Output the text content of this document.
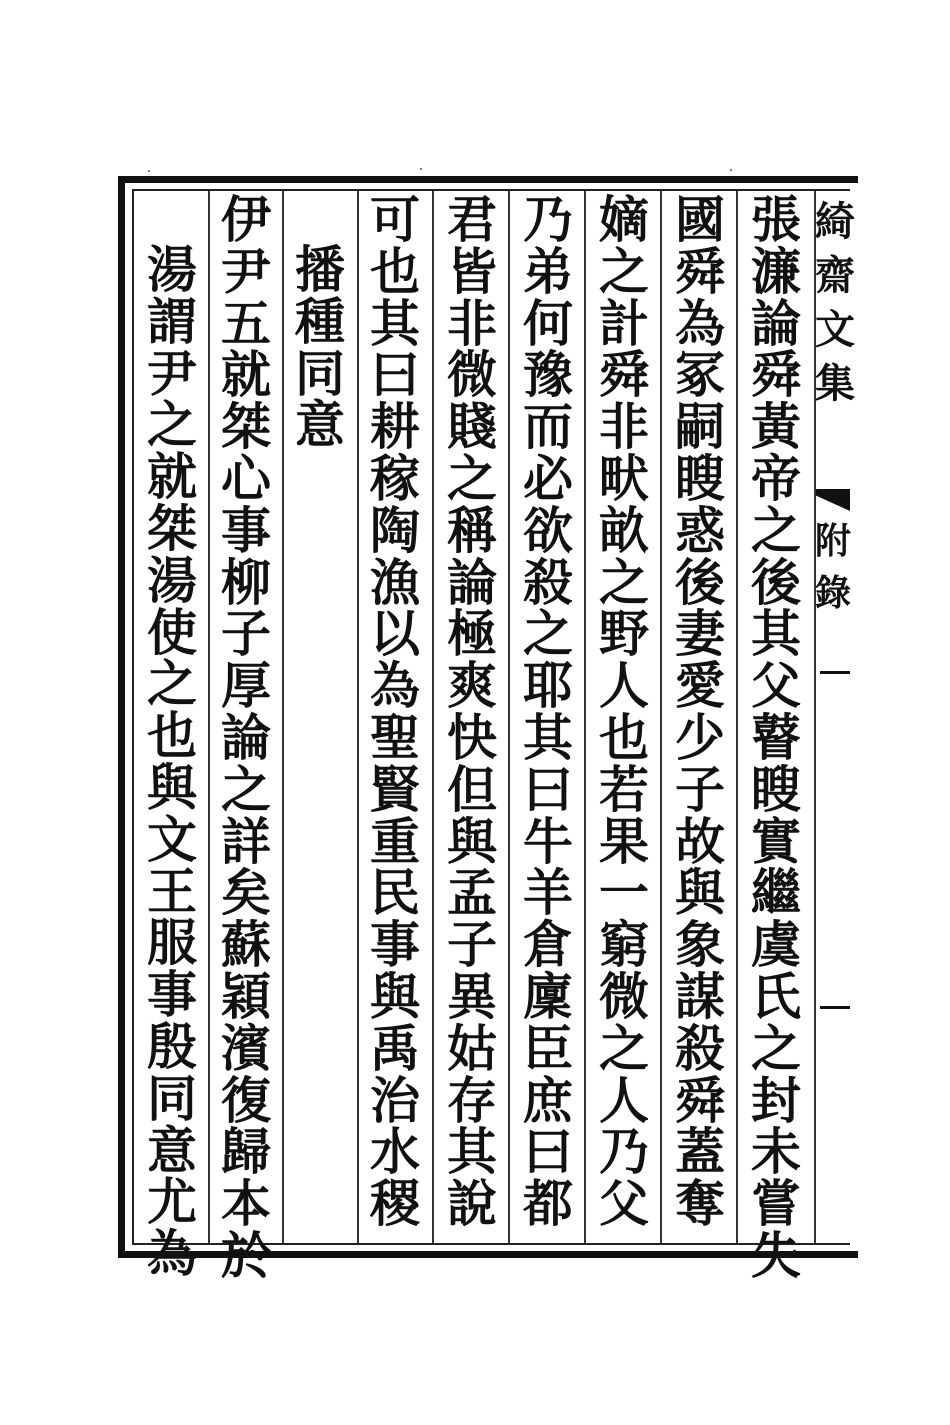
張
濂
論
舜
黃
帝
之
後
其
父
瞽
瞍
實
繼
虞
氏
之
封
未
嘗
失
國
舜
為
冢
嗣
瞍
惑
後
妻
愛
少
子
故
與
象
謀
殺
舜
蓋
奪
嫡
之
計
舜
非
畎
畝
之
野
人
也
若
果
一
窮
微
之
人
乃
父
乃
弟
何
豫
而
必
欲
殺
之
耶
其
曰
牛
羊
倉
廩
臣
庶
曰
都
君
皆
非
微
賤
之
稱
論
極
爽
快
但
與
孟
子
異
姑
存
其
說
可
也
其
曰
耕
稼
陶
漁
以
為
聖
賢
重
民
事
與
禹
治
水
稷
播
種
同
意
伊
尹
五
就
桀
心
事
柳
子
厚
論
之
詳
矣
蘇
穎
濱
復
歸
本
於
湯
謂
尹
之
就
桀
湯
使
之
也
與
文
王
服
事
殷
同
意
尤
為
綺
齋
文
集
附
錄
